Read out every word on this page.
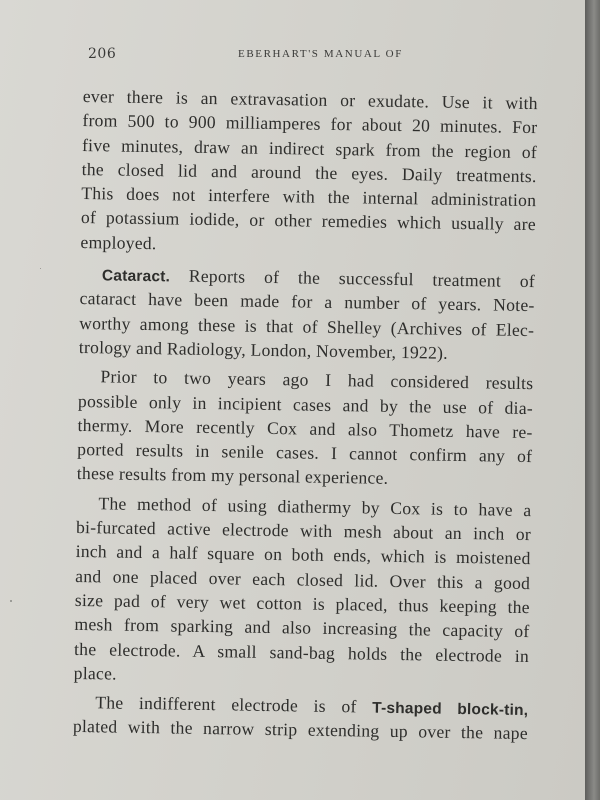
206	EBERHART'S MANUAL OF
ever there is an extravasation or exudate. Use it with
from 500 to 900 milliamperes for about 20 minutes. For
five minutes, draw an indirect spark from the region of
the closed lid and around the eyes. Daily treatments.
This does not interfere with the internal administration
of potassium iodide, or other remedies which usually are
employed.
Cataract. Reports of the successful treatment of
cataract have been made for a number of years. Note-
worthy among these is that of Shelley (Archives of Elec-
trology and Radiology, London, November, 1922).
Prior to two years ago I had considered results
possible only in incipient cases and by the use of dia-
thermy. More recently Cox and also Thometz have re-
ported results in senile cases. I cannot confirm any of
these results from my personal experience.
The method of using diathermy by Cox is to have a
bi-furcated active electrode with mesh about an inch or
inch and a half square on both ends, which is moistened
and one placed over each closed lid. Over this a good
size pad of very wet cotton is placed, thus keeping the
mesh from sparking and also increasing the capacity of
the electrode. A small sand-bag holds the electrode in
place.
The indifferent electrode is of T-shaped block-tin,
plated with the narrow strip extending up over the nape
